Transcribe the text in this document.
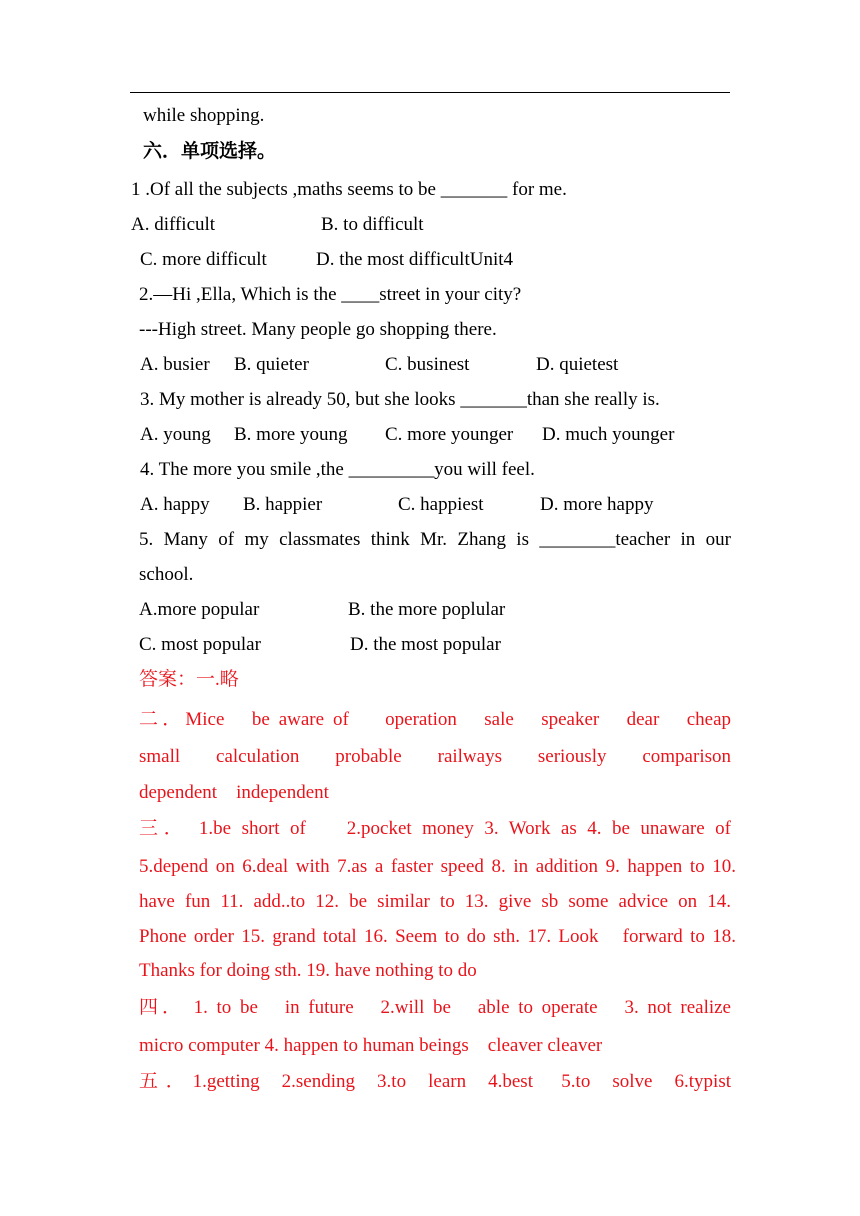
while shopping.
六．单项选择。
1 .Of all the subjects ,maths seems to be _______ for me.
A. difficult	B. to difficult
C. more difficult	D. the most difficultUnit4
2.—Hi ,Ella, Which is the ____street in your city?
---High street. Many people go shopping there.
A. busier B. quieter	C. businest	D. quietest
3. My mother is already 50, but she looks _______than she really is.
A. young B. more young C. more younger D. much younger
4. The more you smile ,the _________you will feel.
A. happy B. happier	C. happiest	D. more happy
5. Many of my classmates think Mr. Zhang is ________teacher in our
school.
A.more popular	B. the more poplular
C. most popular	D. the most popular
答案：一.略
二．Mice　be aware of　 operation　sale　speaker　dear　cheap
small　calculation　probable　railways　seriously　comparison
dependent　independent
三． 1.be short of　 2.pocket money 3. Work as 4. be unaware of
5.depend on 6.deal with 7.as a faster speed 8. in addition 9. happen to 10.
have fun 11. add..to 12. be similar to 13. give sb some advice on 14.
Phone order 15. grand total 16. Seem to do sth. 17. Look　forward to 18.
Thanks for doing sth. 19. have nothing to do
四． 1. to be　in future　2.will be　able to operate　3. not realize
micro computer 4. happen to human beings　cleaver cleaver
五 ． 1.getting　2.sending　3.to　learn　4.best　 5.to　solve　6.typist
